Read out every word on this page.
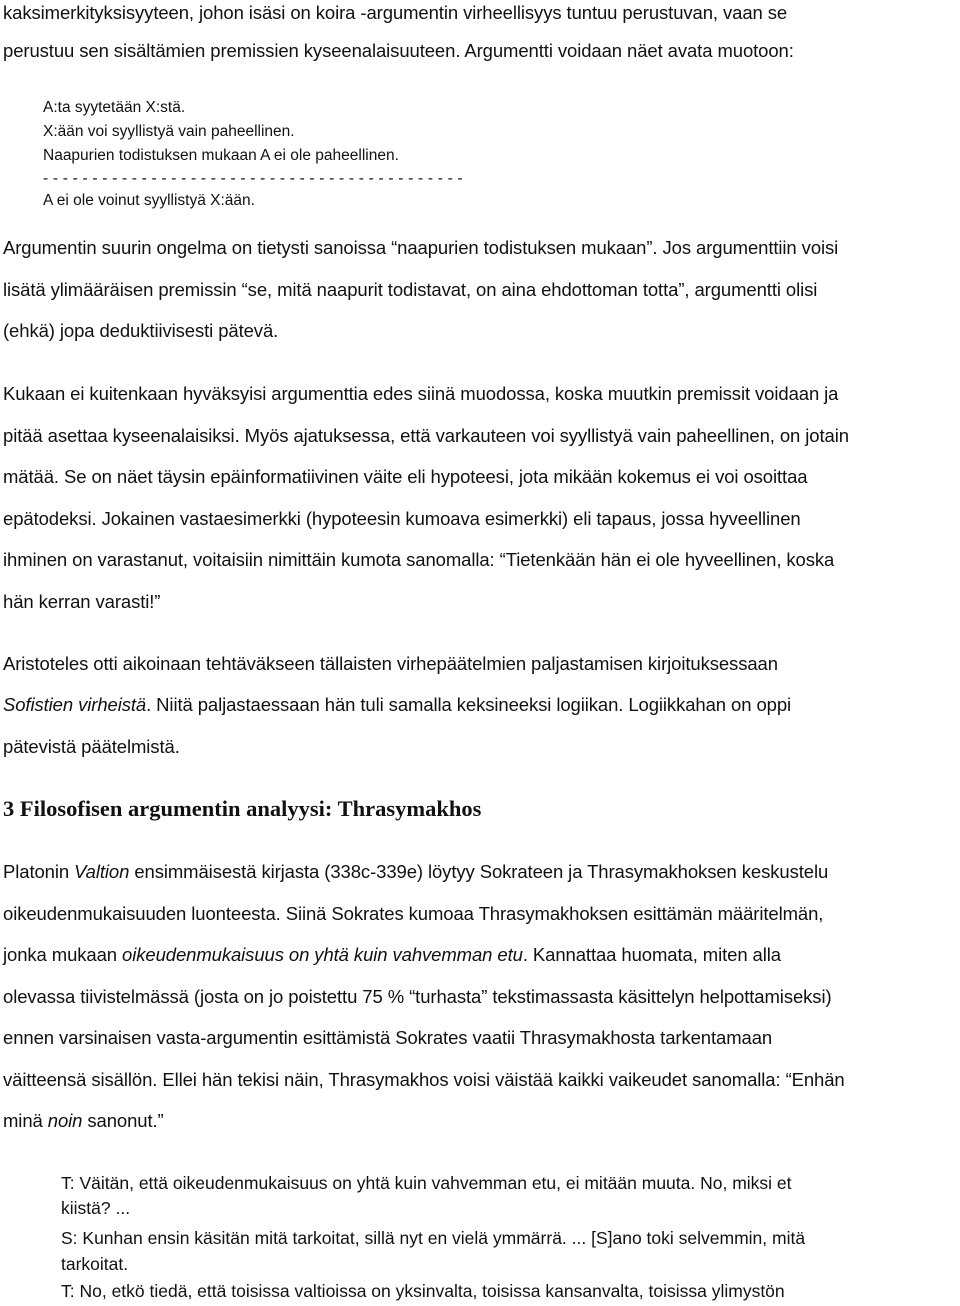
kaksimerkityksisyyteen, johon isäsi on koira -argumentin virheellisyys tuntuu perustuvan, vaan se
perustuu sen sisältämien premissien kyseenalaisuuteen. Argumentti voidaan näet avata muotoon:
A:ta syytetään X:stä.
X:ään voi syyllistyä vain paheellinen.
Naapurien todistuksen mukaan A ei ole paheellinen.
- - - - - - - - - - - - - - - - - - - - - - - - - - - - - - - - - - - - - - - - - - -
A ei ole voinut syyllistyä X:ään.
Argumentin suurin ongelma on tietysti sanoissa “naapurien todistuksen mukaan”. Jos argumenttiin voisi
lisätä ylimääräisen premissin “se, mitä naapurit todistavat, on aina ehdottoman totta”, argumentti olisi
(ehkä) jopa deduktiivisesti pätevä.
Kukaan ei kuitenkaan hyväksyisi argumenttia edes siinä muodossa, koska muutkin premissit voidaan ja
pitää asettaa kyseenalaisiksi. Myös ajatuksessa, että varkauteen voi syyllistyä vain paheellinen, on jotain
mätää. Se on näet täysin epäinformatiivinen väite eli hypoteesi, jota mikään kokemus ei voi osoittaa
epätodeksi. Jokainen vastaesimerkki (hypoteesin kumoava esimerkki) eli tapaus, jossa hyveellinen
ihminen on varastanut, voitaisiin nimittäin kumota sanomalla: “Tietenkään hän ei ole hyveellinen, koska
hän kerran varasti!”
Aristoteles otti aikoinaan tehtäväkseen tällaisten virhepäätelmien paljastamisen kirjoituksessaan
Sofistien virheistä. Niitä paljastaessaan hän tuli samalla keksineeksi logiikan. Logiikkahan on oppi
pätevistä päätelmistä.
3 Filosofisen argumentin analyysi: Thrasymakhos
Platonin Valtion ensimmäisestä kirjasta (338c-339e) löytyy Sokrateen ja Thrasymakhoksen keskustelu
oikeudenmukaisuuden luonteesta. Siinä Sokrates kumoaa Thrasymakhoksen esittämän määritelmän,
jonka mukaan oikeudenmukaisuus on yhtä kuin vahvemman etu. Kannattaa huomata, miten alla
olevassa tiivistelmässä (josta on jo poistettu 75 % “turhasta” tekstimassasta käsittelyn helpottamiseksi)
ennen varsinaisen vasta-argumentin esittämistä Sokrates vaatii Thrasymakhosta tarkentamaan
väitteensä sisällön. Ellei hän tekisi näin, Thrasymakhos voisi väistää kaikki vaikeudet sanomalla: “Enhän
minä noin sanonut.”
T: Väitän, että oikeudenmukaisuus on yhtä kuin vahvemman etu, ei mitään muuta. No, miksi et
kiistä? ...
S: Kunhan ensin käsitän mitä tarkoitat, sillä nyt en vielä ymmärrä. ... [S]ano toki selvemmin, mitä
tarkoitat.
T: No, etkö tiedä, että toisissa valtioissa on yksinvalta, toisissa kansanvalta, toisissa ylimystön
